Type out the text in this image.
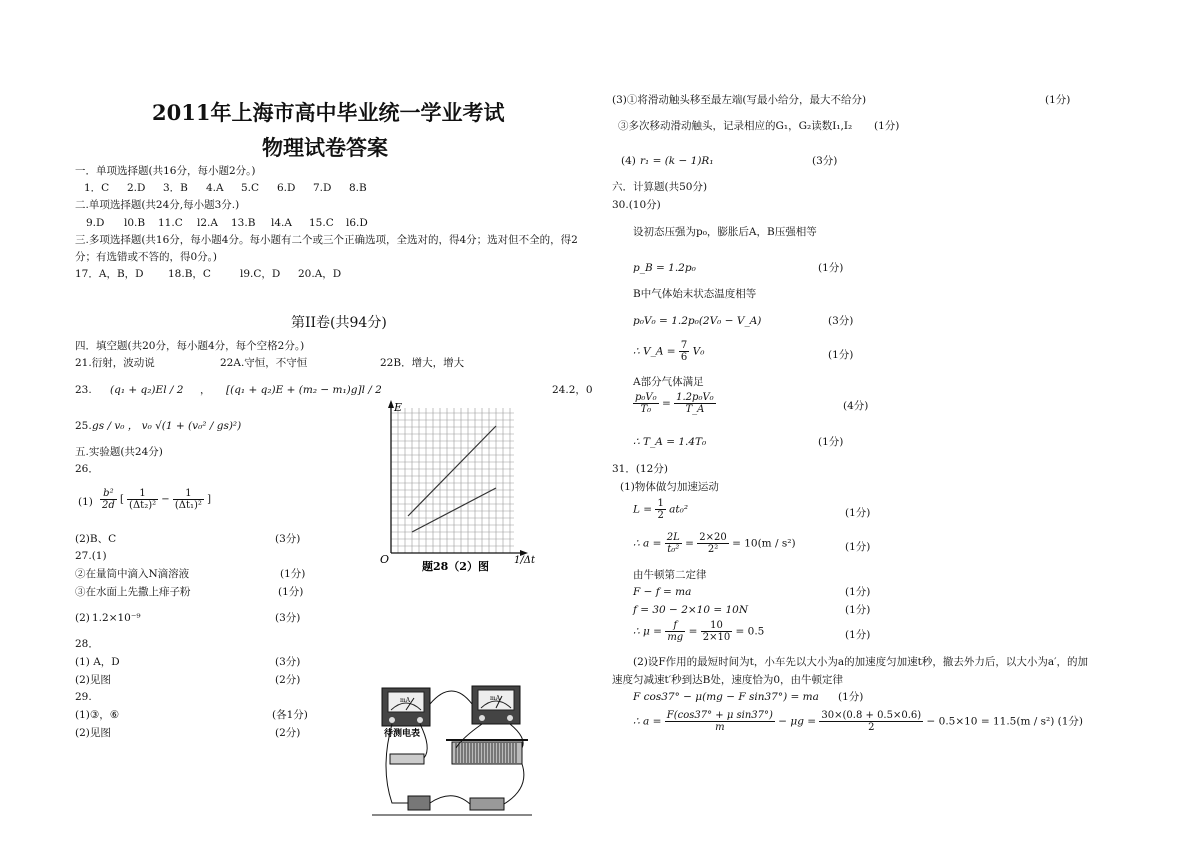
2011年上海市高中毕业统一学业考试
物理试卷答案
一．单项选择题(共16分，每小题2分。)
1．C 2.D 3．B 4.A 5.C 6.D 7.D 8.B
二.单项选择题(共24分,每小题3分.)
9.D l0.B 11.C l2.A 13.B l4.A 15.C l6.D
三.多项选择题(共16分，每小题4分。每小题有二个或三个正确选项，全选对的，得4分；选对但不全的，得2
分；有选错或不答的，得0分。)
17．A，B，D 18.B，C	l9.C，D 20.A，D
第II卷(共94分)
四．填空题(共20分，每小题4分，每个空格2分。)
21.衍射，波动说	22A.守恒，不守恒	22B．增大，增大
23. (q₁ + q₂)El / 2 ， [(q₁ + q₂)E + (m₂ − m₁)g]l / 2	24.2，0
25. gs / v₀ ， v₀ √(1 + (v₀² / gs)²)
五.实验题(共24分)
26．
$(1) \frac{\text{b²}}{2d}$ [ $\frac{1}{\text{(Δt₂)²}} - \frac{1}{\text{(Δt₁)²}}$ ]
(2)B、C	(3分)
27.(1)
②在量筒中滴入N滴溶液	(1分)
③在水面上先撒上痱子粉	(1分)
(2) 1.2×10⁻⁹	(3分)
28．
(1) A，D	(3分)
(2)见图	(2分)
29.
(1)③，⑥	(各1分)
(2)见图	(2分)
E
O	1/Δt
题28（2）图
mA	mA
待测电表
(3)①将滑动触头移至最左端(写最小给分，最大不给分)	(1分)
③多次移动滑动触头，记录相应的G₁，G₂读数I₁,I₂ (1分)
(4) r₁ = (k − 1)R₁	(3分)
六．计算题(共50分)
30.(10分)
设初态压强为p₀，膨胀后A，B压强相等
p_B = 1.2p₀	(1分)
B中气体始末状态温度相等
p₀V₀ = 1.2p₀(2V₀ − V_A)	(3分)
∴ V_A = $\frac{7}{6} V_0$	(1分)
A部分气体满足
$\frac{\text{p₀V₀}}{\text{T₀}} = \frac{\text{1.2p₀V₀}}{T\_A}$	(4分)
∴ T_A = 1.4T₀	(1分)
31．(12分)
(1)物体做匀加速运动
$L = \frac{1}{2} at_0^2$	(1分)
∴ $a = \frac{2L}{\text{t₀²}} = \frac{2\times 20}{\text{2²}} = 10(m / s^2)$	(1分)
由牛顿第二定律
F − f = ma	(1分)
f = 30 − 2×10 = 10N	(1分)
∴ $\mu = \frac{f}{mg} = \frac{10}{2\times 10} = 0.5$	(1分)
(2)设F作用的最短时间为t，小车先以大小为a的加速度匀加速t秒，撤去外力后，以大小为a′，的加
速度匀减速t′秒到达B处，速度恰为0，由牛顿定律
F cos37° − μ(mg − F sin37°) = ma (1分)
∴ $a = \frac{\text{F(cos37° + μ sin37°)}}{m} - \mu g = \frac{30\times(0.8 + 0.5\times 0.6)}{2} - 0.5\times 10 = 11.5(m / s^2)$ (1分)
